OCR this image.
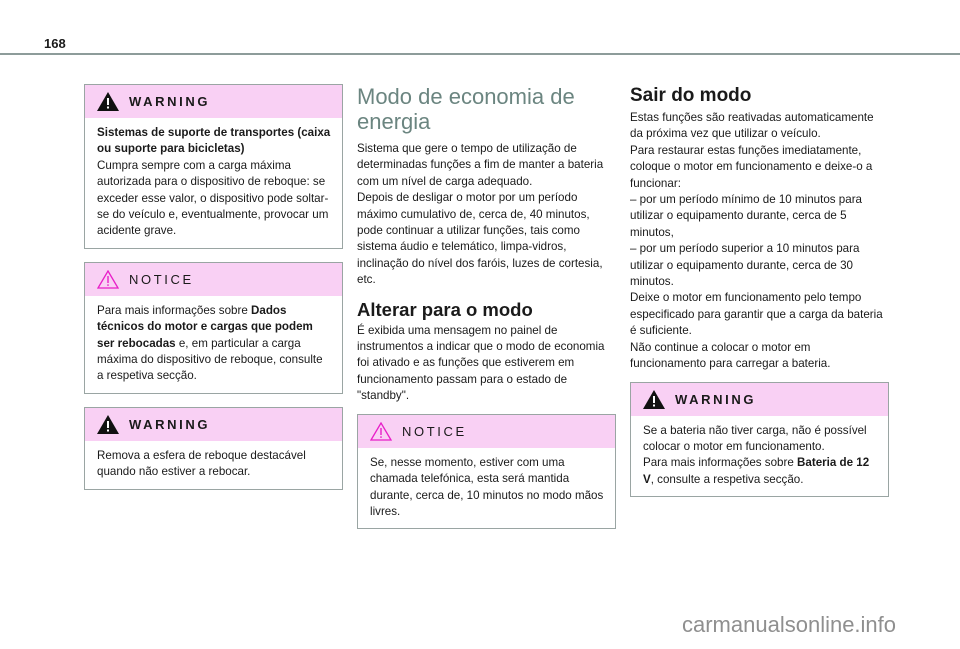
168
WARNING

Sistemas de suporte de transportes (caixa ou suporte para bicicletas)
Cumpra sempre com a carga máxima autorizada para o dispositivo de reboque: se exceder esse valor, o dispositivo pode soltar-se do veículo e, eventualmente, provocar um acidente grave.

NOTICE

Para mais informações sobre Dados técnicos do motor e cargas que podem ser rebocadas e, em particular a carga máxima do dispositivo de reboque, consulte a respetiva secção.

WARNING

Remova a esfera de reboque destacável quando não estiver a rebocar.

Modo de economia de energia

Sistema que gere o tempo de utilização de determinadas funções a fim de manter a bateria com um nível de carga adequado.

Depois de desligar o motor por um período máximo cumulativo de, cerca de, 40 minutos, pode continuar a utilizar funções, tais como sistema áudio e telemático, limpa-vidros, inclinação do nível dos faróis, luzes de cortesia, etc.

Alterar para o modo

É exibida uma mensagem no painel de instrumentos a indicar que o modo de economia foi ativado e as funções que estiverem em funcionamento passam para o estado de "standby".

NOTICE

Se, nesse momento, estiver com uma chamada telefónica, esta será mantida durante, cerca de, 10 minutos no modo mãos livres.

Sair do modo

Estas funções são reativadas automaticamente da próxima vez que utilizar o veículo.

Para restaurar estas funções imediatamente, coloque o motor em funcionamento e deixe-o a funcionar:

– por um período mínimo de 10 minutos para utilizar o equipamento durante, cerca de 5 minutos,

– por um período superior a 10 minutos para utilizar o equipamento durante, cerca de 30 minutos.

Deixe o motor em funcionamento pelo tempo especificado para garantir que a carga da bateria é suficiente.

Não continue a colocar o motor em funcionamento para carregar a bateria.

WARNING

Se a bateria não tiver carga, não é possível colocar o motor em funcionamento.
Para mais informações sobre Bateria de 12 V, consulte a respetiva secção.

carmanualsonline.info
